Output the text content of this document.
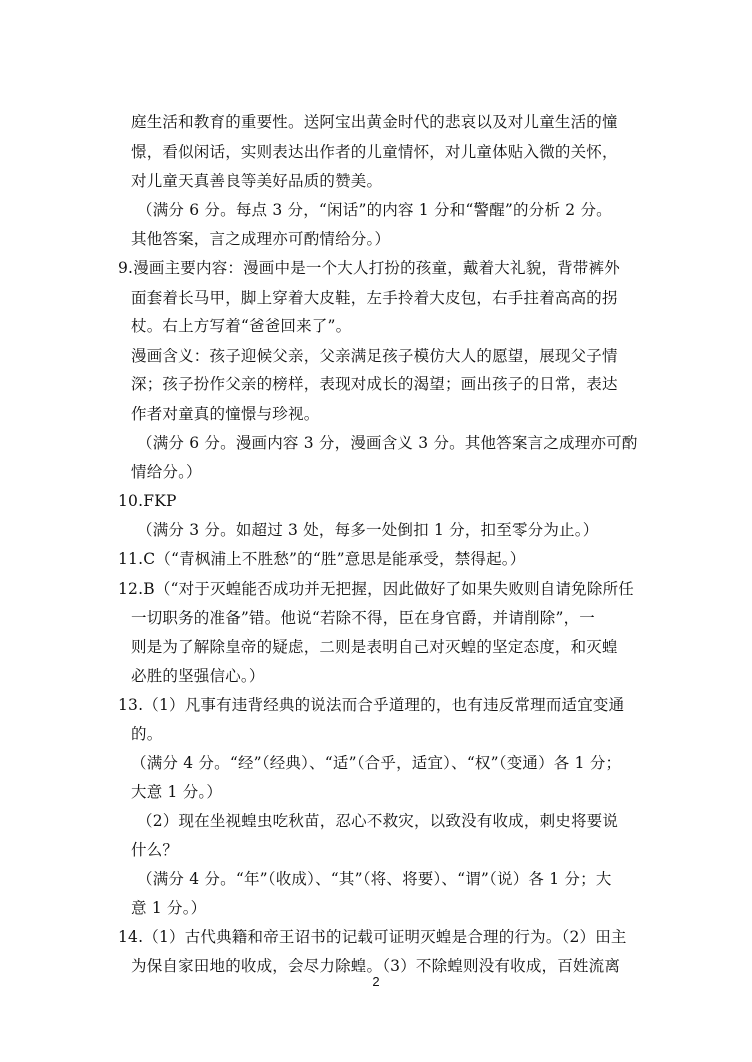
庭生活和教育的重要性。送阿宝出黄金时代的悲哀以及对儿童生活的憧
憬，看似闲话，实则表达出作者的儿童情怀，对儿童体贴入微的关怀，
对儿童天真善良等美好品质的赞美。
（满分 6 分。每点 3 分，“闲话”的内容 1 分和“警醒”的分析 2 分。
其他答案，言之成理亦可酌情给分。）
9.漫画主要内容：漫画中是一个大人打扮的孩童，戴着大礼貌，背带裤外
面套着长马甲，脚上穿着大皮鞋，左手拎着大皮包，右手拄着高高的拐
杖。右上方写着“爸爸回来了”。
漫画含义：孩子迎候父亲，父亲满足孩子模仿大人的愿望，展现父子情
深；孩子扮作父亲的榜样，表现对成长的渴望；画出孩子的日常，表达
作者对童真的憧憬与珍视。
（满分 6 分。漫画内容 3 分，漫画含义 3 分。其他答案言之成理亦可酌
情给分。）
10.FKP
（满分 3 分。如超过 3 处，每多一处倒扣 1 分，扣至零分为止。）
11.C（“青枫浦上不胜愁”的“胜”意思是能承受，禁得起。）
12.B（“对于灭蝗能否成功并无把握，因此做好了如果失败则自请免除所任
一切职务的准备”错。他说“若除不得，臣在身官爵，并请削除”，一
则是为了解除皇帝的疑虑，二则是表明自己对灭蝗的坚定态度，和灭蝗
必胜的坚强信心。）
13.（1）凡事有违背经典的说法而合乎道理的，也有违反常理而适宜变通
的。
（满分 4 分。“经”（经典）、“适”（合乎，适宜）、“权”（变通）各 1 分；
大意 1 分。）
（2）现在坐视蝗虫吃秋苗，忍心不救灾，以致没有收成，刺史将要说
什么？
（满分 4 分。“年”（收成）、“其”（将、将要）、“谓”（说）各 1 分；大
意 1 分。）
14.（1）古代典籍和帝王诏书的记载可证明灭蝗是合理的行为。（2）田主
为保自家田地的收成，会尽力除蝗。（3）不除蝗则没有收成，百姓流离
2
